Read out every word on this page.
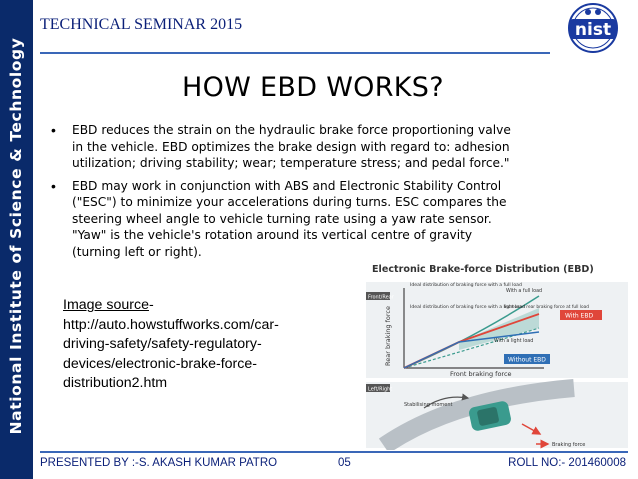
National Institute of Science & Technology
TECHNICAL SEMINAR 2015	nist
HOW EBD WORKS?
• EBD reduces the strain on the hydraulic brake force proportioning valve in the vehicle. EBD optimizes the brake design with regard to: adhesion utilization; driving stability; wear; temperature stress; and pedal force."
• EBD may work in conjunction with ABS and Electronic Stability Control ("ESC") to minimize your accelerations during turns. ESC compares the steering wheel angle to vehicle turning rate using a yaw rate sensor. "Yaw" is the vehicle's rotation around its vertical centre of gravity (turning left or right).
Image source-http://auto.howstuffworks.com/car-driving-safety/safety-regulatory-devices/electronic-brake-force-distribution2.htm
Electronic Brake-force Distribution (EBD)
Front/Rear
Rear braking force
Front braking force
Ideal distribution of braking force with a full load
Ideal distribution of braking force with a light load
With a full load
Increased rear braking force at full load
With a light load
With EBD
Without EBD
Left/Right
Stabilising moment
Braking force
PRESENTED BY :-S. AKASH KUMAR PATRO	05	ROLL NO:- 201460008
